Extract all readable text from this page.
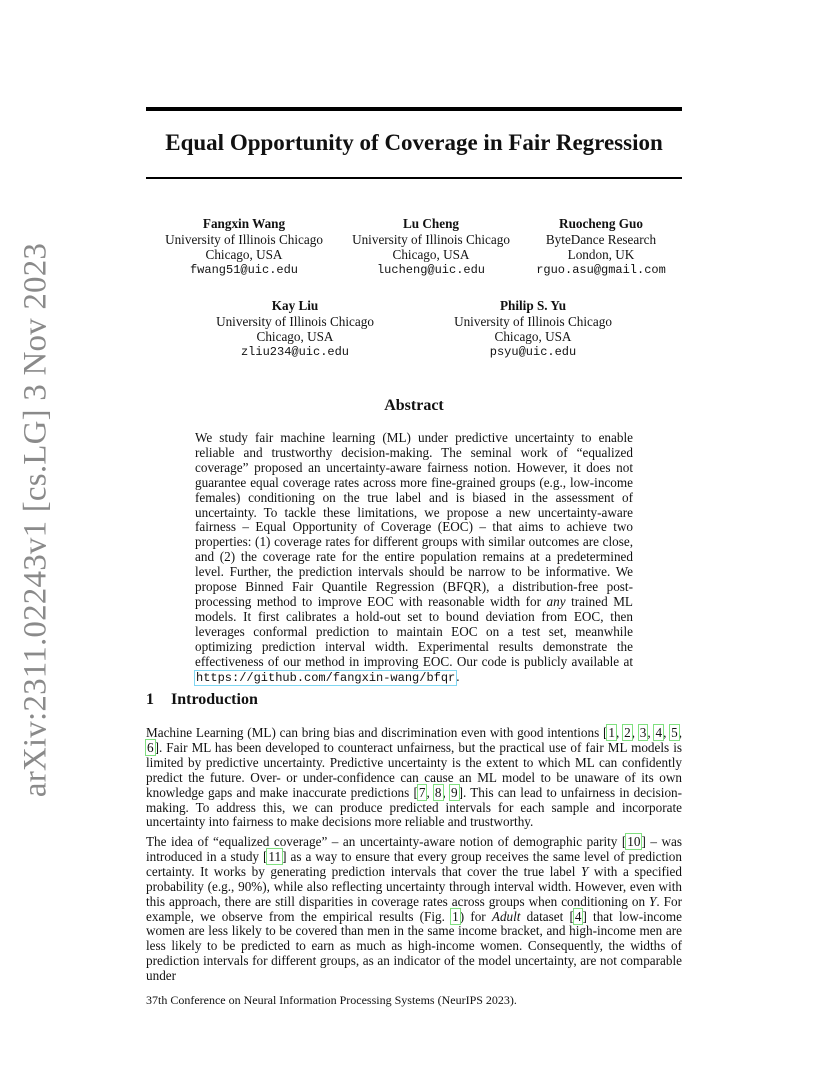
arXiv:2311.02243v1 [cs.LG] 3 Nov 2023
Equal Opportunity of Coverage in Fair Regression
Fangxin Wang
University of Illinois Chicago
Chicago, USA
fwang51@uic.edu
Lu Cheng
University of Illinois Chicago
Chicago, USA
lucheng@uic.edu
Ruocheng Guo
ByteDance Research
London, UK
rguo.asu@gmail.com
Kay Liu
University of Illinois Chicago
Chicago, USA
zliu234@uic.edu
Philip S. Yu
University of Illinois Chicago
Chicago, USA
psyu@uic.edu
Abstract
We study fair machine learning (ML) under predictive uncertainty to enable reliable and trustworthy decision-making. The seminal work of “equalized coverage” proposed an uncertainty-aware fairness notion. However, it does not guarantee equal coverage rates across more fine-grained groups (e.g., low-income females) conditioning on the true label and is biased in the assessment of uncertainty. To tackle these limitations, we propose a new uncertainty-aware fairness – Equal Opportunity of Coverage (EOC) – that aims to achieve two properties: (1) coverage rates for different groups with similar outcomes are close, and (2) the coverage rate for the entire population remains at a predetermined level. Further, the prediction intervals should be narrow to be informative. We propose Binned Fair Quantile Regression (BFQR), a distribution-free post-processing method to improve EOC with reasonable width for any trained ML models. It first calibrates a hold-out set to bound deviation from EOC, then leverages conformal prediction to maintain EOC on a test set, meanwhile optimizing prediction interval width. Experimental results demonstrate the effectiveness of our method in improving EOC. Our code is publicly available at https://github.com/fangxin-wang/bfqr.
1 Introduction
Machine Learning (ML) can bring bias and discrimination even with good intentions [1, 2, 3, 4, 5, 6]. Fair ML has been developed to counteract unfairness, but the practical use of fair ML models is limited by predictive uncertainty. Predictive uncertainty is the extent to which ML can confidently predict the future. Over- or under-confidence can cause an ML model to be unaware of its own knowledge gaps and make inaccurate predictions [7, 8, 9]. This can lead to unfairness in decision-making. To address this, we can produce predicted intervals for each sample and incorporate uncertainty into fairness to make decisions more reliable and trustworthy.
The idea of “equalized coverage” – an uncertainty-aware notion of demographic parity [10] – was introduced in a study [11] as a way to ensure that every group receives the same level of prediction certainty. It works by generating prediction intervals that cover the true label Y with a specified probability (e.g., 90%), while also reflecting uncertainty through interval width. However, even with this approach, there are still disparities in coverage rates across groups when conditioning on Y. For example, we observe from the empirical results (Fig. 1) for Adult dataset [4] that low-income women are less likely to be covered than men in the same income bracket, and high-income men are less likely to be predicted to earn as much as high-income women. Consequently, the widths of prediction intervals for different groups, as an indicator of the model uncertainty, are not comparable under
37th Conference on Neural Information Processing Systems (NeurIPS 2023).
